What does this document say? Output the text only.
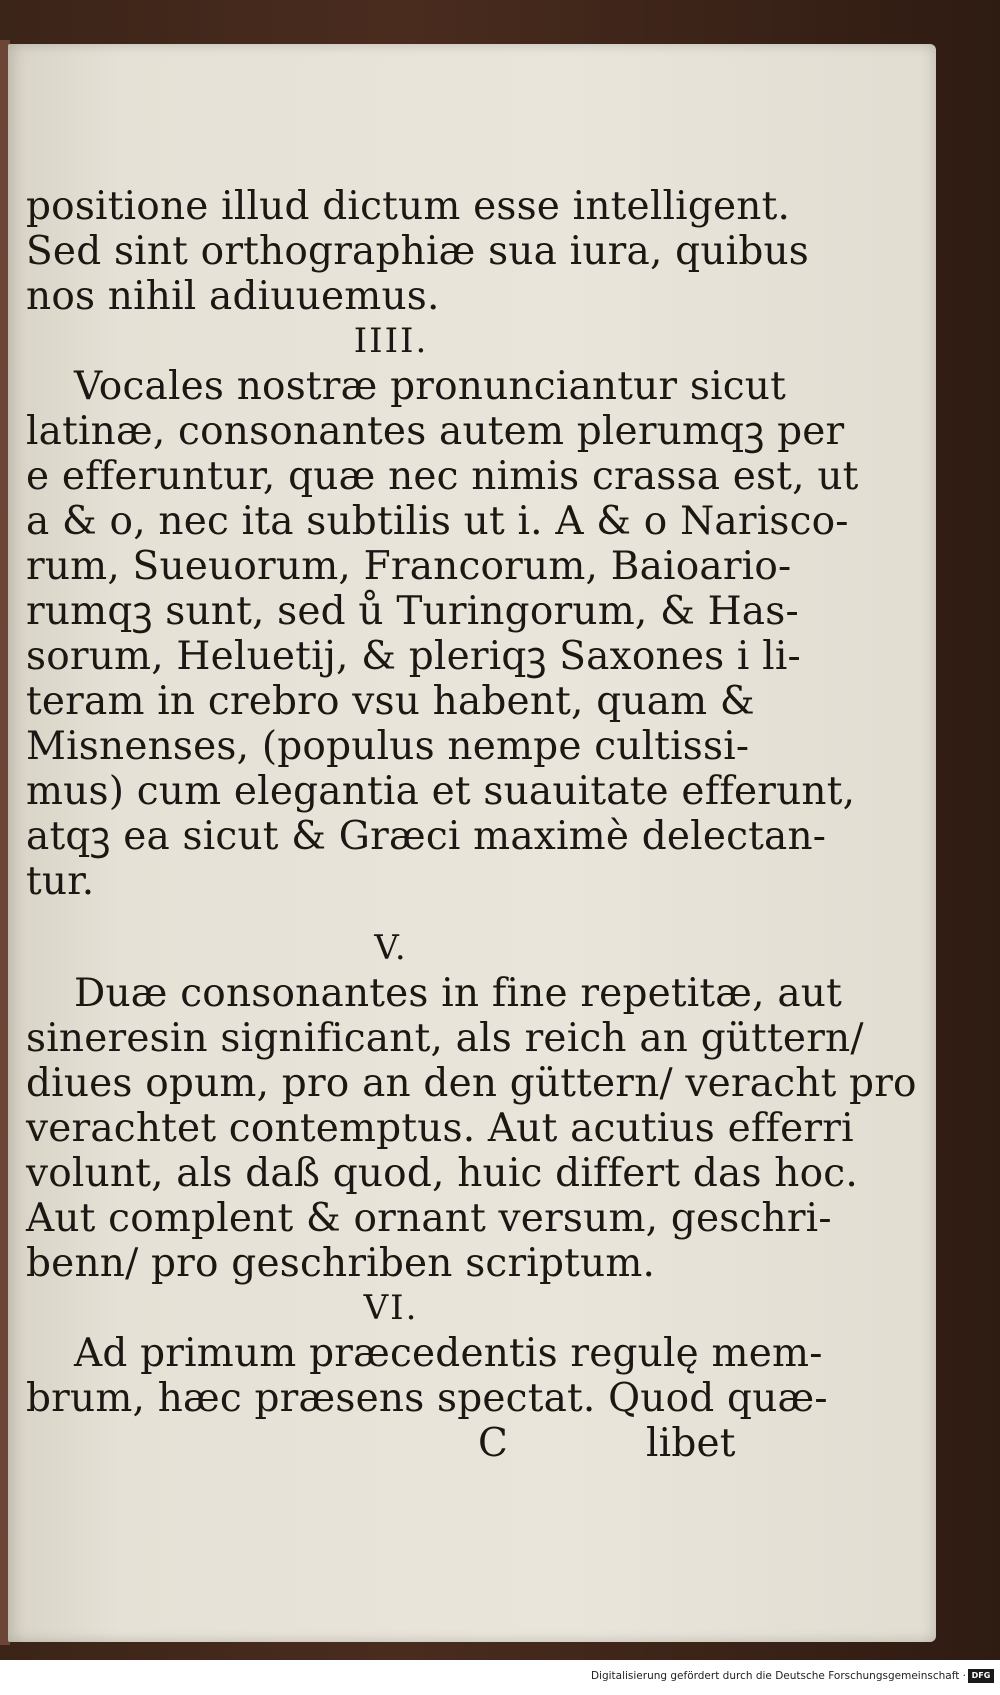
positione illud dictum esse intelligent.
Sed sint orthographiæ sua iura, quibus
nos nihil adiuuemus.
IIII.
Vocales nostræ pronunciantur sicut
latinæ, consonantes autem plerumqꝫ per
e efferuntur, quæ nec nimis crassa est, ut
a & o, nec ita subtilis ut i. A & o Narisco-
rum, Sueuorum, Francorum, Baioario-
rumqꝫ sunt, sed ů Turingorum, & Has-
sorum, Heluetij, & pleriqꝫ Saxones i li-
teram in crebro vsu habent, quam &
Misnenses, (populus nempe cultissi-
mus) cum elegantia et suauitate efferunt,
atqꝫ ea sicut & Græci maximè delectan-
tur.
V.
Duæ consonantes in fine repetitæ, aut
sineresin significant, als reich an güttern/
diues opum, pro an den güttern/ veracht pro
verachtet contemptus. Aut acutius efferri
volunt, als daß quod, huic differt das hoc.
Aut complent & ornant versum, geschri-
benn/ pro geschriben scriptum.
VI.
Ad primum præcedentis regulę mem-
brum, hæc præsens spectat. Quod quæ-
C	libet
Digitalisierung gefördert durch die Deutsche Forschungsgemeinschaft · DFG
